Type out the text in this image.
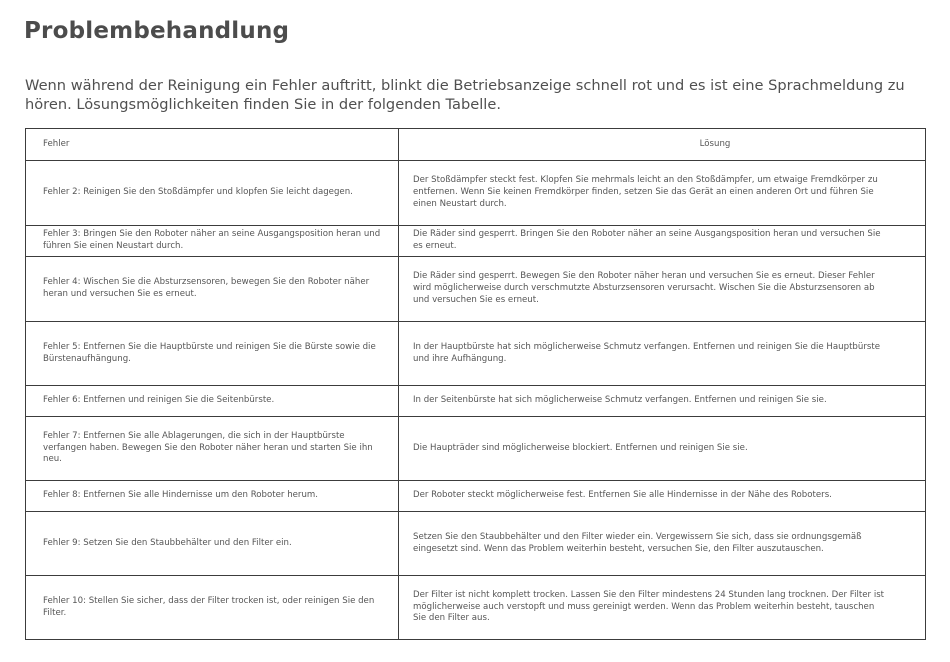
Problembehandlung

Wenn während der Reinigung ein Fehler auftritt, blinkt die Betriebsanzeige schnell rot und es ist eine Sprachmeldung zu hören. Lösungsmöglichkeiten finden Sie in der folgenden Tabelle.

Fehler	Lösung
Fehler 2: Reinigen Sie den Stoßdämpfer und klopfen Sie leicht dagegen.	Der Stoßdämpfer steckt fest. Klopfen Sie mehrmals leicht an den Stoßdämpfer, um etwaige Fremdkörper zu entfernen. Wenn Sie keinen Fremdkörper finden, setzen Sie das Gerät an einen anderen Ort und führen Sie einen Neustart durch.
Fehler 3: Bringen Sie den Roboter näher an seine Ausgangsposition heran und führen Sie einen Neustart durch.	Die Räder sind gesperrt. Bringen Sie den Roboter näher an seine Ausgangsposition heran und versuchen Sie es erneut.
Fehler 4: Wischen Sie die Absturzsensoren, bewegen Sie den Roboter näher heran und versuchen Sie es erneut.	Die Räder sind gesperrt. Bewegen Sie den Roboter näher heran und versuchen Sie es erneut. Dieser Fehler wird möglicherweise durch verschmutzte Absturzsensoren verursacht. Wischen Sie die Absturzsensoren ab und versuchen Sie es erneut.
Fehler 5: Entfernen Sie die Hauptbürste und reinigen Sie die Bürste sowie die Bürstenaufhängung.	In der Hauptbürste hat sich möglicherweise Schmutz verfangen. Entfernen und reinigen Sie die Hauptbürste und ihre Aufhängung.
Fehler 6: Entfernen und reinigen Sie die Seitenbürste.	In der Seitenbürste hat sich möglicherweise Schmutz verfangen. Entfernen und reinigen Sie sie.
Fehler 7: Entfernen Sie alle Ablagerungen, die sich in der Hauptbürste verfangen haben. Bewegen Sie den Roboter näher heran und starten Sie ihn neu.	Die Haupträder sind möglicherweise blockiert. Entfernen und reinigen Sie sie.
Fehler 8: Entfernen Sie alle Hindernisse um den Roboter herum.	Der Roboter steckt möglicherweise fest. Entfernen Sie alle Hindernisse in der Nähe des Roboters.
Fehler 9: Setzen Sie den Staubbehälter und den Filter ein.	Setzen Sie den Staubbehälter und den Filter wieder ein. Vergewissern Sie sich, dass sie ordnungsgemäß eingesetzt sind. Wenn das Problem weiterhin besteht, versuchen Sie, den Filter auszutauschen.
Fehler 10: Stellen Sie sicher, dass der Filter trocken ist, oder reinigen Sie den Filter.	Der Filter ist nicht komplett trocken. Lassen Sie den Filter mindestens 24 Stunden lang trocknen. Der Filter ist möglicherweise auch verstopft und muss gereinigt werden. Wenn das Problem weiterhin besteht, tauschen Sie den Filter aus.
